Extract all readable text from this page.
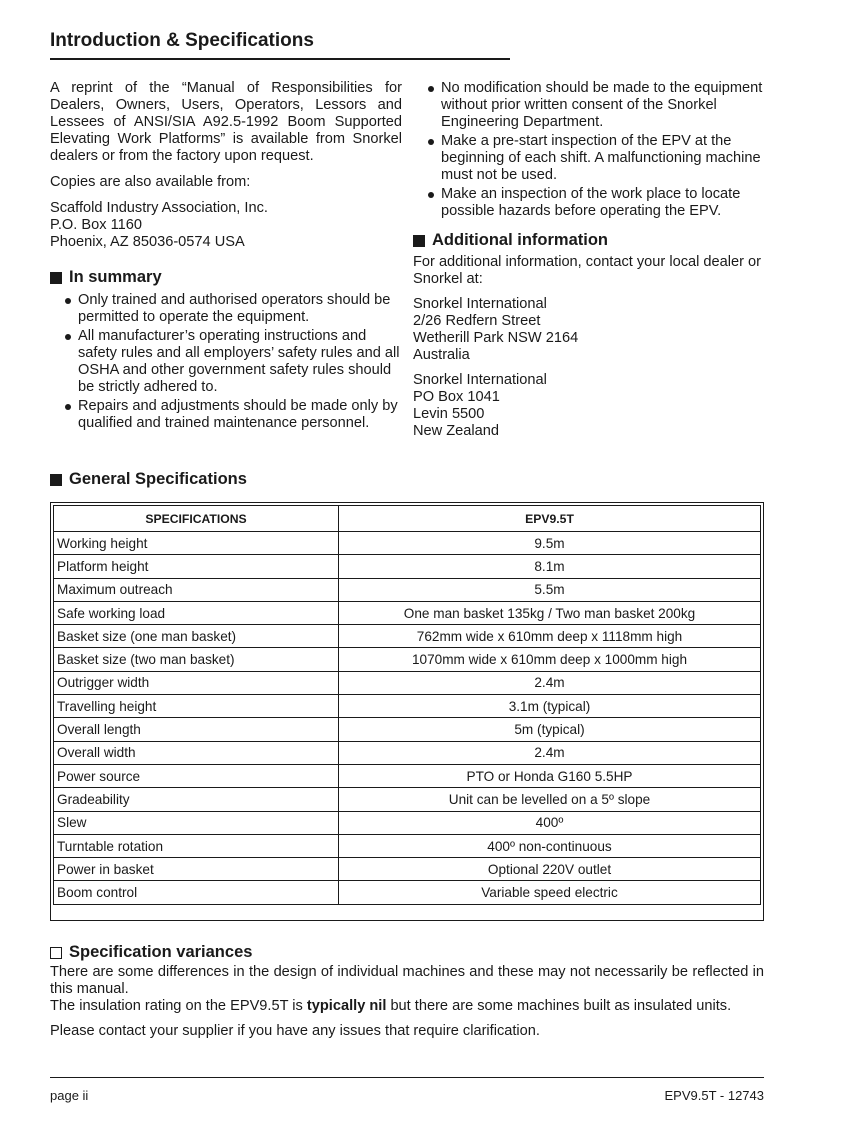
Introduction & Specifications

A reprint of the “Manual of Responsibilities for Dealers, Owners, Users, Operators, Lessors and Lessees of ANSI/SIA A92.5-1992 Boom Supported Elevating Work Platforms” is available from Snorkel dealers or from the factory upon request.

Copies are also available from:

Scaffold Industry Association, Inc.
P.O. Box 1160
Phoenix, AZ 85036-0574 USA
In summary
Only trained and authorised operators should be permitted to operate the equipment.
All manufacturer’s operating instructions and safety rules and all employers’ safety rules and all OSHA and other government safety rules should be strictly adhered to.
Repairs and adjustments should be made only by qualified and trained maintenance personnel.
No modification should be made to the equipment without prior written consent of the Snorkel Engineering Department.
Make a pre-start inspection of the EPV at the beginning of each shift. A malfunctioning machine must not be used.
Make an inspection of the work place to locate possible hazards before operating the EPV.
Additional information

For additional information, contact your local dealer or Snorkel at:

Snorkel International
2/26 Redfern Street
Wetherill Park NSW 2164
Australia
Snorkel International
PO Box 1041
Levin 5500
New Zealand
General Specifications
SPECIFICATIONS	EPV9.5T
Working height	9.5m
Platform height	8.1m
Maximum outreach	5.5m
Safe working load	One man basket 135kg / Two man basket 200kg
Basket size (one man basket)	762mm wide x 610mm deep x 1118mm high
Basket size (two man basket)	1070mm wide x 610mm deep x 1000mm high
Outrigger width	2.4m
Travelling height	3.1m (typical)
Overall length	5m (typical)
Overall width	2.4m
Power source	PTO or Honda G160 5.5HP
Gradeability	Unit can be levelled on a 5º slope
Slew	400º
Turntable rotation	400º non-continuous
Power in basket	Optional 220V outlet
Boom control	Variable speed electric
Specification variances

There are some differences in the design of individual machines and these may not necessarily be reflected in this manual.

The insulation rating on the EPV9.5T is typically nil but there are some machines built as insulated units.

Please contact your supplier if you have any issues that require clarification.

page ii	EPV9.5T - 12743
